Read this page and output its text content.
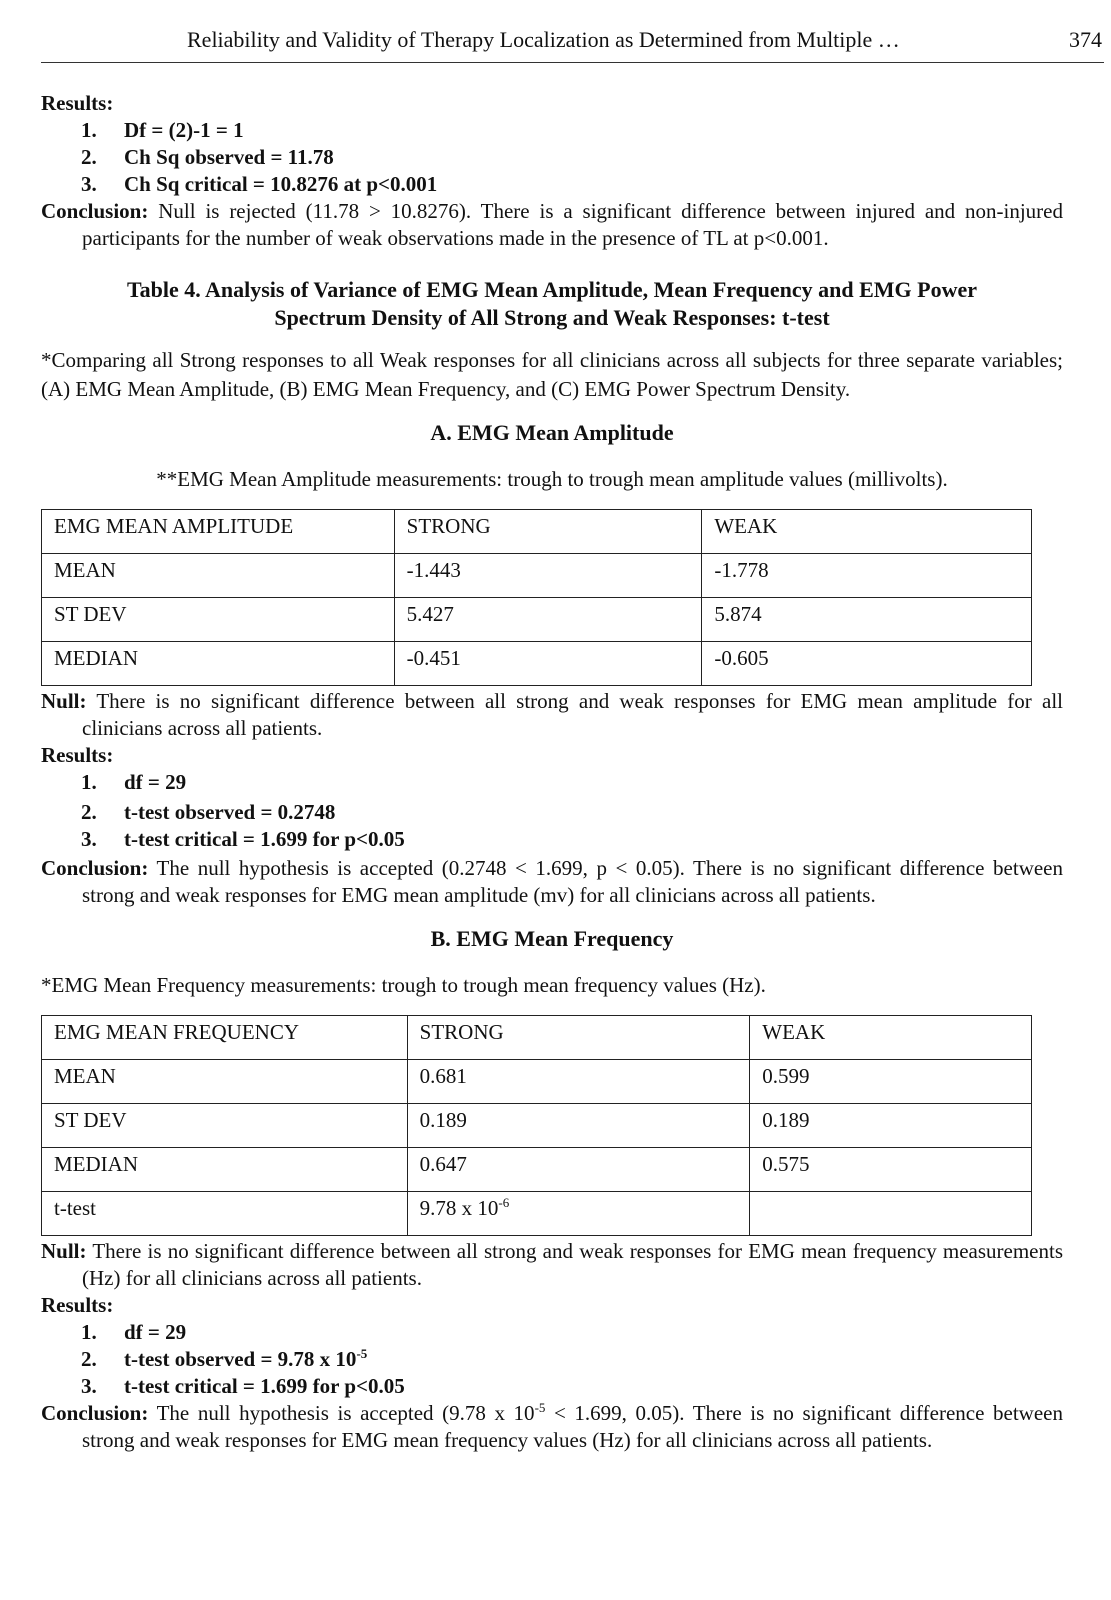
Reliability and Validity of Therapy Localization as Determined from Multiple …	374

Results:

1.	Df = (2)-1 = 1
2.	Ch Sq observed = 11.78
3.	Ch Sq critical = 10.8276 at p<0.001

Conclusion: Null is rejected (11.78 > 10.8276). There is a significant difference between injured and non-injured participants for the number of weak observations made in the presence of TL at p<0.001.

Table 4. Analysis of Variance of EMG Mean Amplitude, Mean Frequency and EMG Power
Spectrum Density of All Strong and Weak Responses: t-test

*Comparing all Strong responses to all Weak responses for all clinicians across all subjects for three separate variables; (A) EMG Mean Amplitude, (B) EMG Mean Frequency, and (C) EMG Power Spectrum Density.

A. EMG Mean Amplitude

**EMG Mean Amplitude measurements: trough to trough mean amplitude values (millivolts).

EMG MEAN AMPLITUDE	STRONG	WEAK
MEAN	-1.443	-1.778
ST DEV	5.427	5.874
MEDIAN	-0.451	-0.605

Null: There is no significant difference between all strong and weak responses for EMG mean amplitude for all clinicians across all patients.

Results:

1.	df = 29
2.	t-test observed = 0.2748
3.	t-test critical = 1.699 for p<0.05

Conclusion: The null hypothesis is accepted (0.2748 < 1.699, p < 0.05). There is no significant difference between strong and weak responses for EMG mean amplitude (mv) for all clinicians across all patients.

B. EMG Mean Frequency

*EMG Mean Frequency measurements: trough to trough mean frequency values (Hz).

EMG MEAN FREQUENCY	STRONG	WEAK
MEAN	0.681	0.599
ST DEV	0.189	0.189
MEDIAN	0.647	0.575
t-test	9.78 x $10^{-6}$	

Null: There is no significant difference between all strong and weak responses for EMG mean frequency measurements (Hz) for all clinicians across all patients.

Results:

1.	df = 29
2.	t-test observed = 9.78 x $10^{-5}$
3.	t-test critical = 1.699 for p<0.05

Conclusion: The null hypothesis is accepted (9.78 x $10^{-5} < 1.699$, 0.05). There is no significant difference between strong and weak responses for EMG mean frequency values (Hz) for all clinicians across all patients.
